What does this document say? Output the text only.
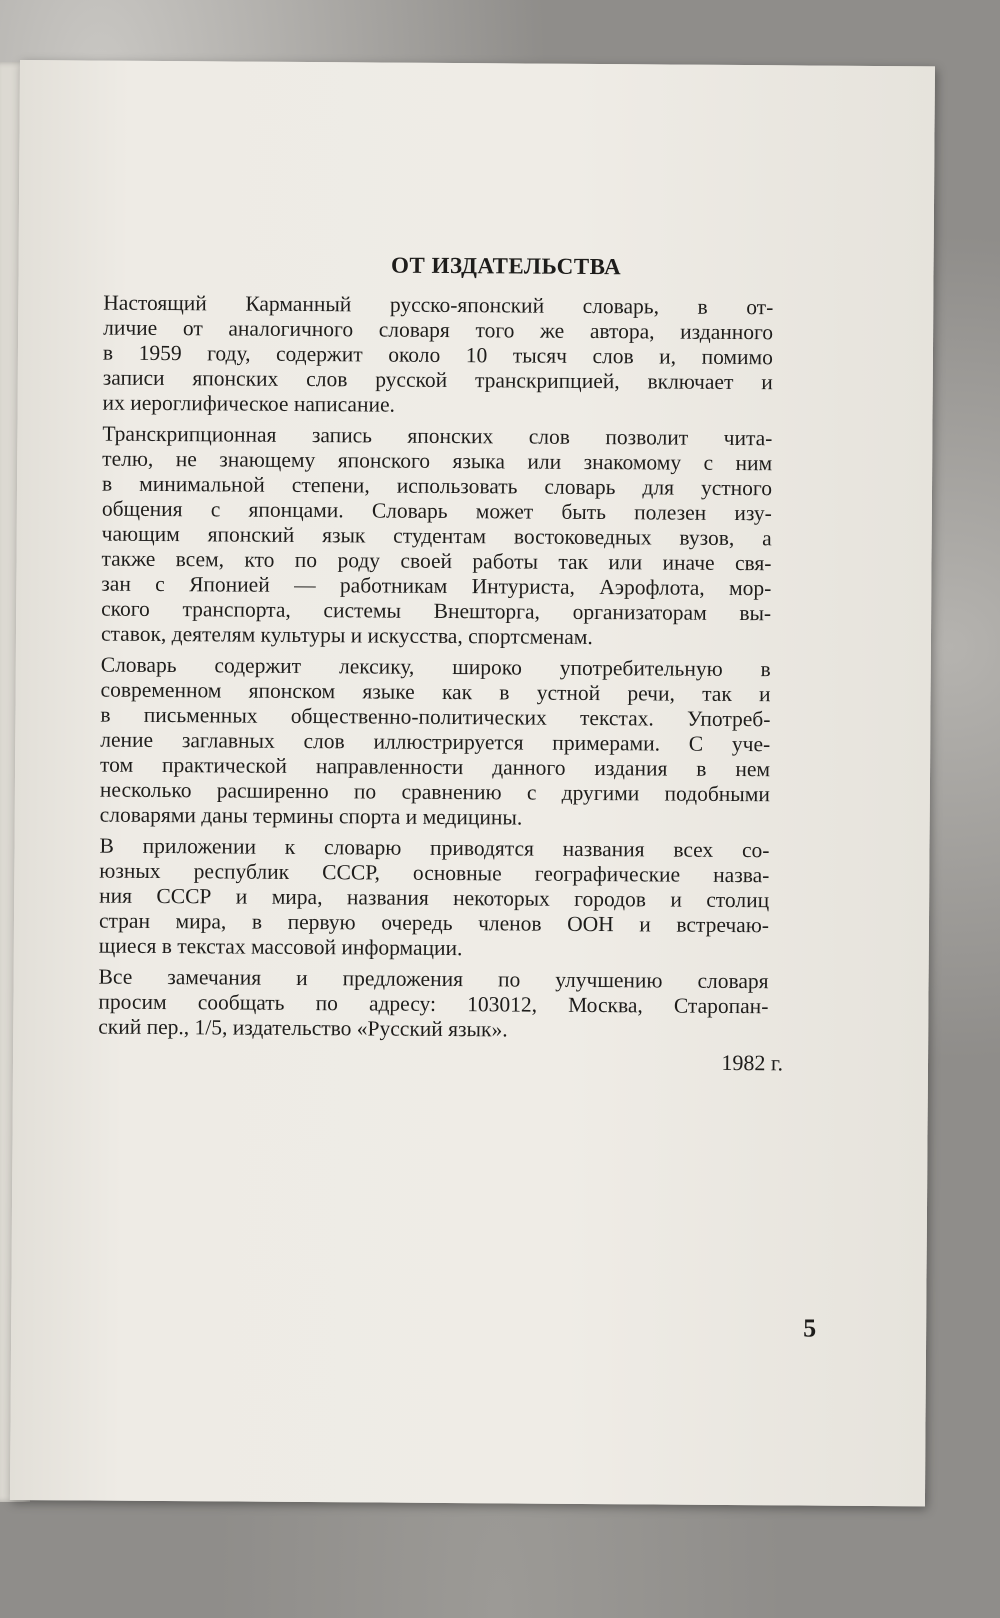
ОТ ИЗДАТЕЛЬСТВА

Настоящий Карманный русско-японский словарь, в от-
личие от аналогичного словаря того же автора, изданного
в 1959 году, содержит около 10 тысяч слов и, помимо
записи японских слов русской транскрипцией, включает и
их иероглифическое написание.

Транскрипционная запись японских слов позволит чита-
телю, не знающему японского языка или знакомому с ним
в минимальной степени, использовать словарь для устного
общения с японцами. Словарь может быть полезен изу-
чающим японский язык студентам востоковедных вузов, а
также всем, кто по роду своей работы так или иначе свя-
зан с Японией — работникам Интуриста, Аэрофлота, мор-
ского транспорта, системы Внешторга, организаторам вы-
ставок, деятелям культуры и искусства, спортсменам.

Словарь содержит лексику, широко употребительную в
современном японском языке как в устной речи, так и
в письменных общественно-политических текстах. Употреб-
ление заглавных слов иллюстрируется примерами. С уче-
том практической направленности данного издания в нем
несколько расширенно по сравнению с другими подобными
словарями даны термины спорта и медицины.

В приложении к словарю приводятся названия всех со-
юзных республик СССР, основные географические назва-
ния СССР и мира, названия некоторых городов и столиц
стран мира, в первую очередь членов ООН и встречаю-
щиеся в текстах массовой информации.

Все замечания и предложения по улучшению словаря
просим сообщать по адресу: 103012, Москва, Старопан-
ский пер., 1/5, издательство «Русский язык».

1982 г.
5
